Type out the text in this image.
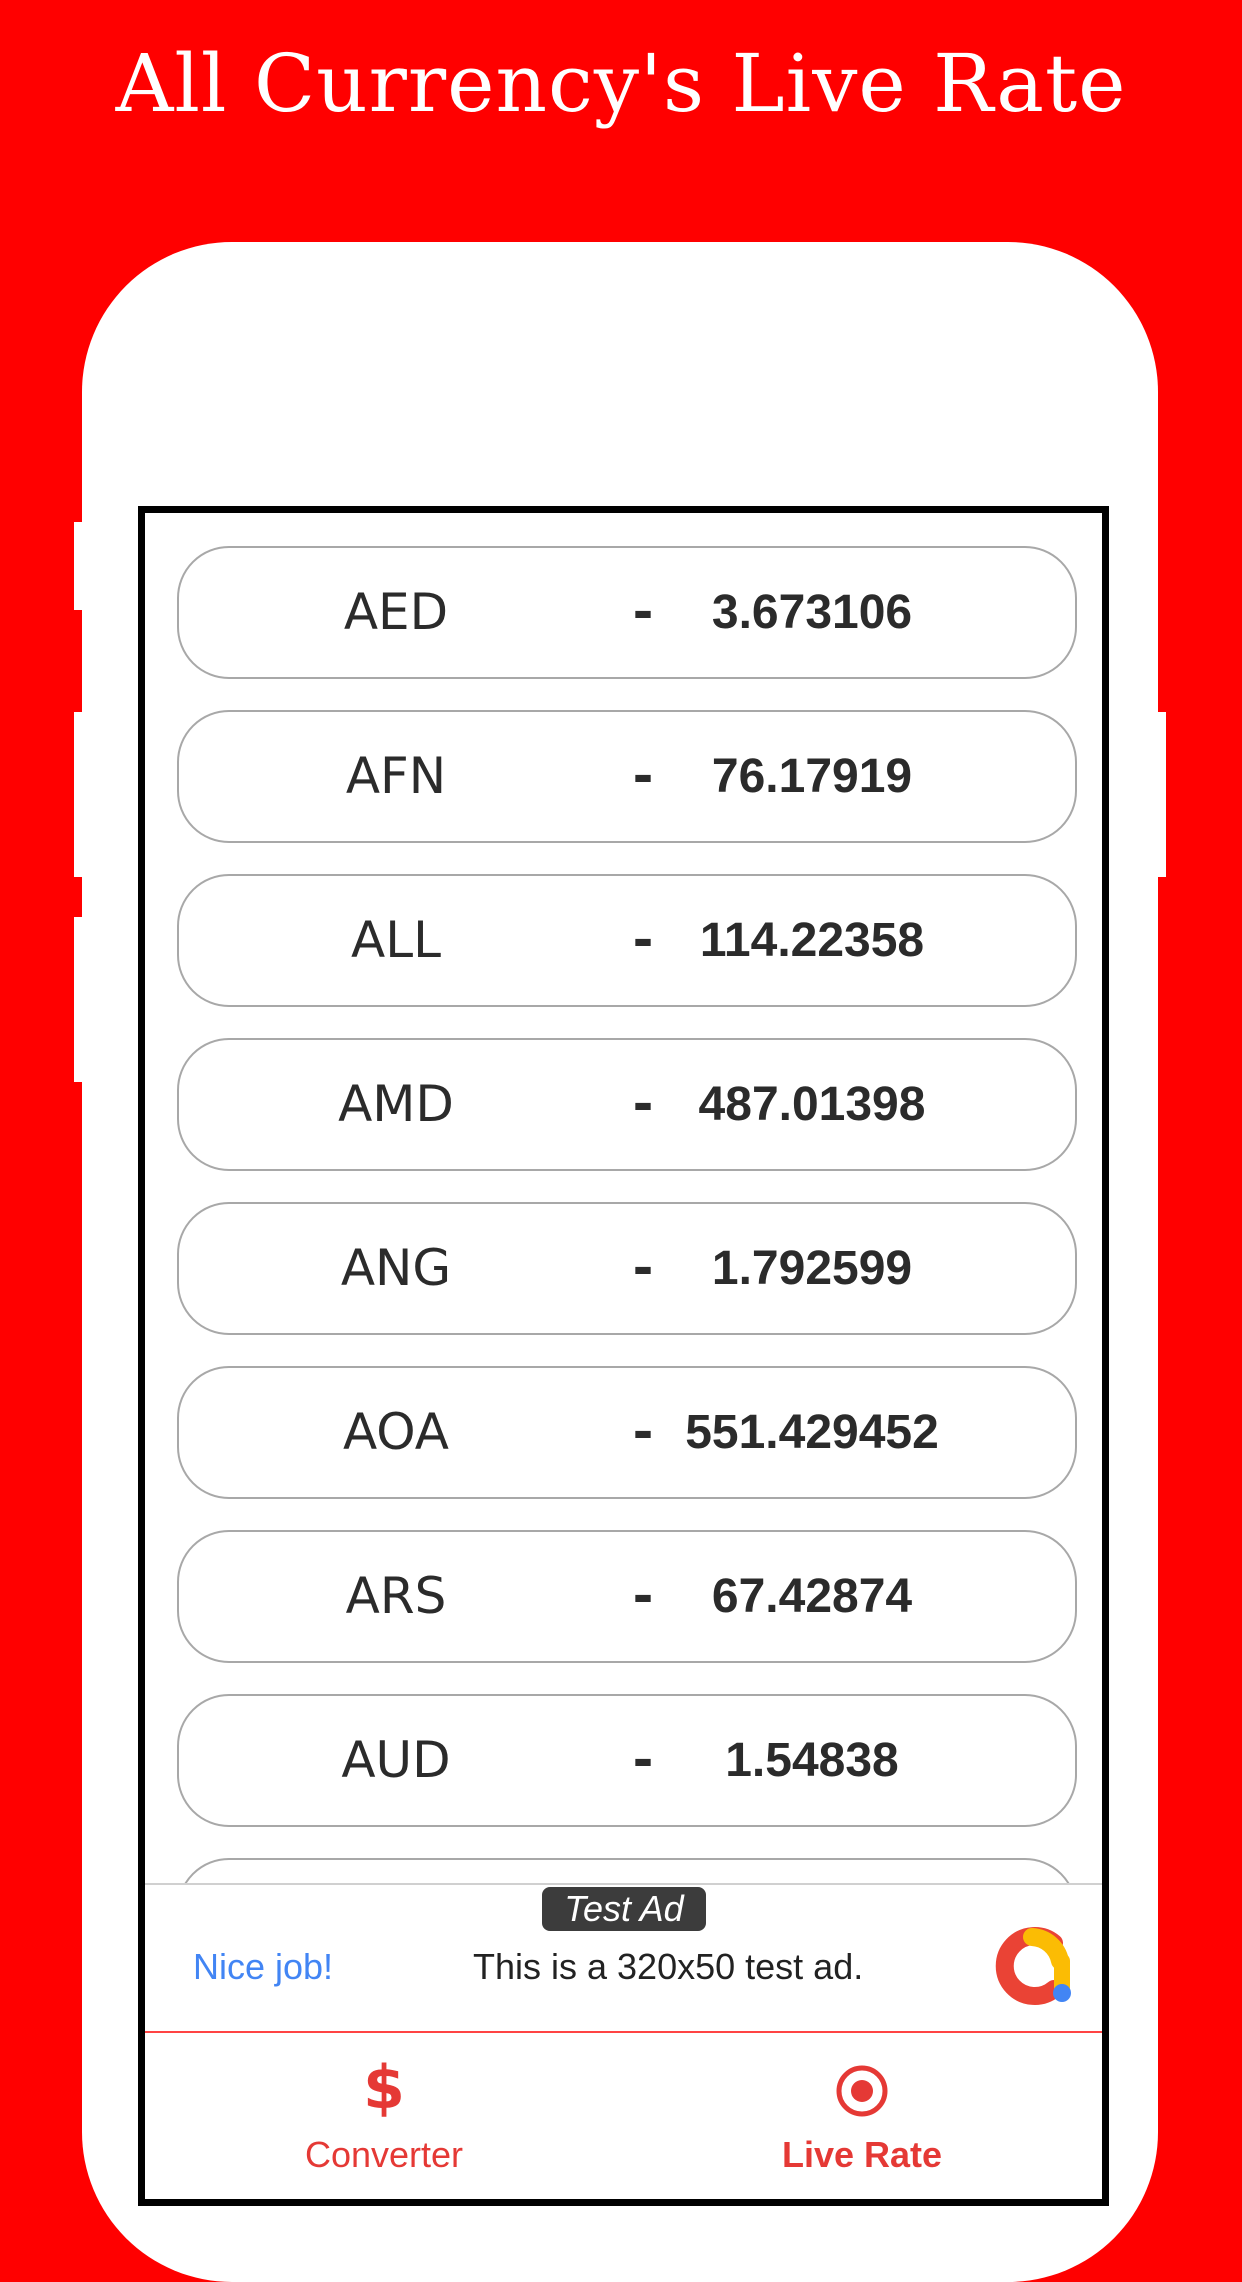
All Currency's Live Rate
AED	-	3.673106
AFN	-	76.17919
ALL	- 114.22358
AMD	- 487.01398
ANG	-	1.792599
AOA	- 551.429452
ARS	-	67.42874
AUD	-	1.54838
Test Ad
Nice job!	This is a 320x50 test ad.
$
Converter	Live Rate
